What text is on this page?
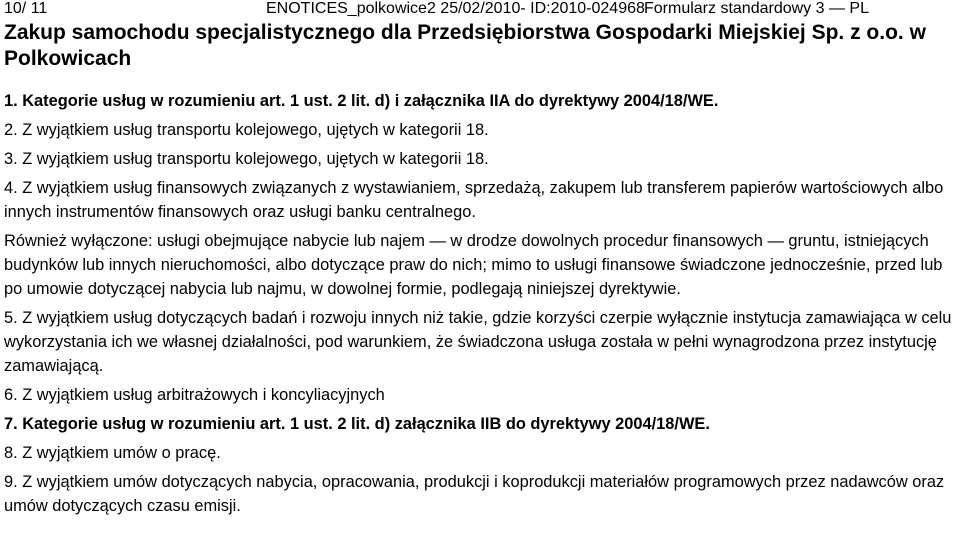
10/ 11	ENOTICES_polkowice2 25/02/2010- ID:2010-024968 Formularz standardowy 3 — PL
Zakup samochodu specjalistycznego dla Przedsiębiorstwa Gospodarki Miejskiej Sp. z o.o. w Polkowicach

1. Kategorie usług w rozumieniu art. 1 ust. 2 lit. d) i załącznika IIA do dyrektywy 2004/18/WE.

2. Z wyjątkiem usług transportu kolejowego, ujętych w kategorii 18.

3. Z wyjątkiem usług transportu kolejowego, ujętych w kategorii 18.

4. Z wyjątkiem usług finansowych związanych z wystawianiem, sprzedażą, zakupem lub transferem papierów wartościowych albo innych instrumentów finansowych oraz usługi banku centralnego.

Również wyłączone: usługi obejmujące nabycie lub najem — w drodze dowolnych procedur finansowych — gruntu, istniejących budynków lub innych nieruchomości, albo dotyczące praw do nich; mimo to usługi finansowe świadczone jednocześnie, przed lub po umowie dotyczącej nabycia lub najmu, w dowolnej formie, podlegają niniejszej dyrektywie.

5. Z wyjątkiem usług dotyczących badań i rozwoju innych niż takie, gdzie korzyści czerpie wyłącznie instytucja zamawiająca w celu wykorzystania ich we własnej działalności, pod warunkiem, że świadczona usługa została w pełni wynagrodzona przez instytucję zamawiającą.

6. Z wyjątkiem usług arbitrażowych i koncyliacyjnych

7. Kategorie usług w rozumieniu art. 1 ust. 2 lit. d) załącznika IIB do dyrektywy 2004/18/WE.

8. Z wyjątkiem umów o pracę.

9. Z wyjątkiem umów dotyczących nabycia, opracowania, produkcji i koprodukcji materiałów programowych przez nadawców oraz umów dotyczących czasu emisji.
